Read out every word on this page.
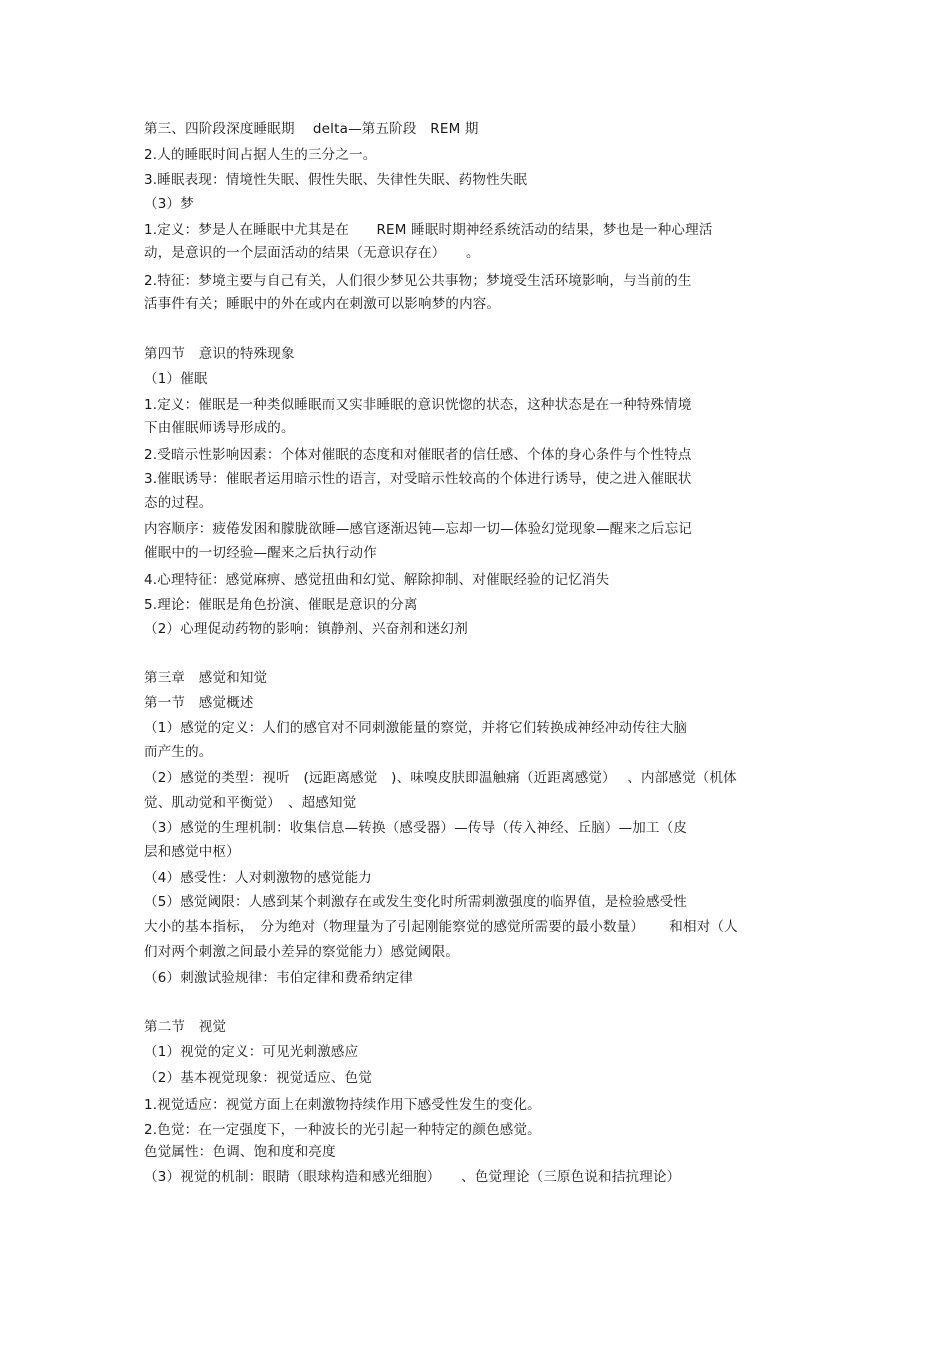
第三、四阶段深度睡眠期　 delta—第五阶段　REM 期
2.人的睡眠时间占据人生的三分之一。
3.睡眠表现：情境性失眠、假性失眠、失律性失眠、药物性失眠
（3）梦
1.定义：梦是人在睡眠中尤其是在　　REM 睡眠时期神经系统活动的结果，梦也是一种心理活
动，是意识的一个层面活动的结果（无意识存在）　　。
2.特征：梦境主要与自己有关，人们很少梦见公共事物；梦境受生活环境影响，与当前的生
活事件有关；睡眠中的外在或内在刺激可以影响梦的内容。
第四节　意识的特殊现象
（1）催眠
1.定义：催眠是一种类似睡眠而又实非睡眠的意识恍惚的状态，这种状态是在一种特殊情境
下由催眠师诱导形成的。
2.受暗示性影响因素：个体对催眠的态度和对催眠者的信任感、个体的身心条件与个性特点
3.催眠诱导：催眠者运用暗示性的语言，对受暗示性较高的个体进行诱导，使之进入催眠状
态的过程。
内容顺序：疲倦发困和朦胧欲睡—感官逐渐迟钝—忘却一切—体验幻觉现象—醒来之后忘记
催眠中的一切经验—醒来之后执行动作
4.心理特征：感觉麻痹、感觉扭曲和幻觉、解除抑制、对催眠经验的记忆消失
5.理论：催眠是角色扮演、催眠是意识的分离
（2）心理促动药物的影响：镇静剂、兴奋剂和迷幻剂
第三章　感觉和知觉
第一节　感觉概述
（1）感觉的定义：人们的感官对不同刺激能量的察觉，并将它们转换成神经冲动传往大脑
而产生的。
（2）感觉的类型：视听　(远距离感觉　)、味嗅皮肤即温触痛（近距离感觉）　 、内部感觉（机体
觉、肌动觉和平衡觉）　、超感知觉
（3）感觉的生理机制：收集信息—转换（感受器）—传导（传入神经、丘脑）—加工（皮
层和感觉中枢）
（4）感受性：人对刺激物的感觉能力
（5）感觉阈限：人感到某个刺激存在或发生变化时所需刺激强度的临界值，是检验感受性
大小的基本指标，　分为绝对（物理量为了引起刚能察觉的感觉所需要的最小数量）　　 和相对（人
们对两个刺激之间最小差异的察觉能力）感觉阈限。
（6）刺激试验规律：韦伯定律和费希纳定律
第二节　视觉
（1）视觉的定义：可见光刺激感应
（2）基本视觉现象：视觉适应、色觉
1.视觉适应：视觉方面上在刺激物持续作用下感受性发生的变化。
2.色觉：在一定强度下，一种波长的光引起一种特定的颜色感觉。
色觉属性：色调、饱和度和亮度
（3）视觉的机制：眼睛（眼球构造和感光细胞）　　、色觉理论（三原色说和拮抗理论）
